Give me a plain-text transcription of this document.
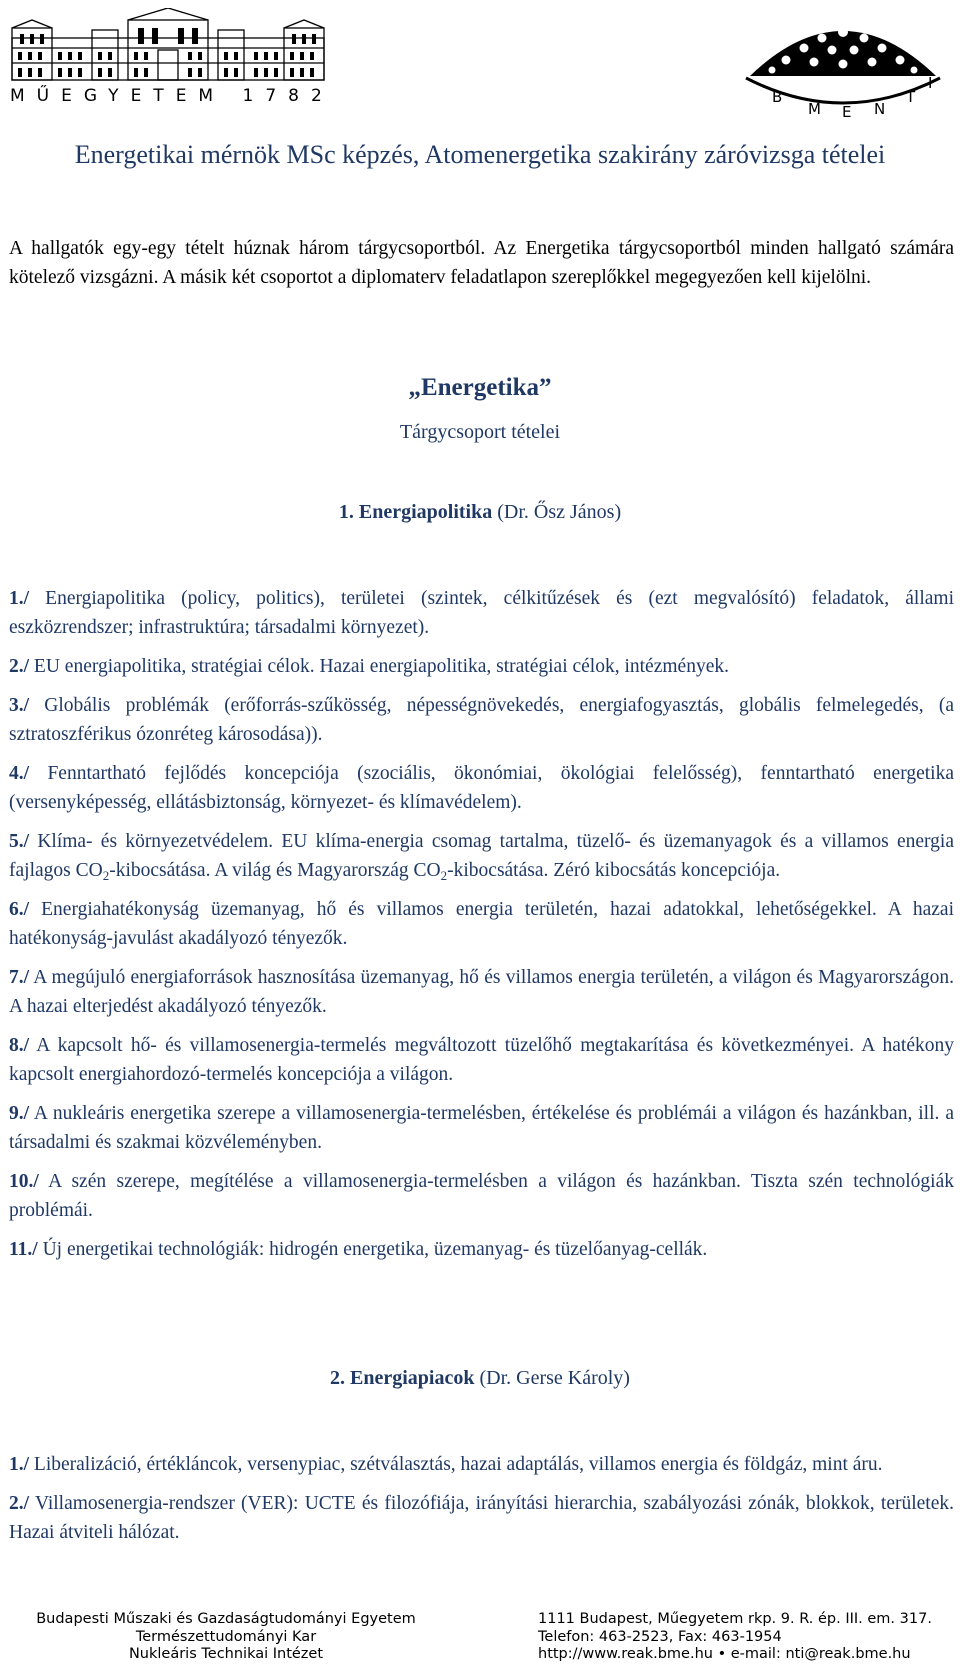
MŰEGYETEM 1782	B
M E N
T
I
Energetikai mérnök MSc képzés, Atomenergetika szakirány záróvizsga tételei

A hallgatók egy-egy tételt húznak három tárgycsoportból. Az Energetika tárgycsoportból minden hallgató számára kötelező vizsgázni. A másik két csoportot a diplomaterv feladatlapon szereplőkkel megegyezően kell kijelölni.

„Energetika”
Tárgycsoport tételei
1. Energiapolitika (Dr. Ősz János)

1./ Energiapolitika (policy, politics), területei (szintek, célkitűzések és (ezt megvalósító) feladatok, állami eszközrendszer; infrastruktúra; társadalmi környezet).

2./ EU energiapolitika, stratégiai célok. Hazai energiapolitika, stratégiai célok, intézmények.

3./ Globális problémák (erőforrás-szűkösség, népességnövekedés, energiafogyasztás, globális felmelegedés, (a sztratoszférikus ózonréteg károsodása)).

4./ Fenntartható fejlődés koncepciója (szociális, ökonómiai, ökológiai felelősség), fenntartható energetika (versenyképesség, ellátásbiztonság, környezet- és klímavédelem).

5./ Klíma- és környezetvédelem. EU klíma-energia csomag tartalma, tüzelő- és üzemanyagok és a villamos energia fajlagos $CO_2$-kibocsátása. A világ és Magyarország $CO_2$-kibocsátása. Zéró kibocsátás koncepciója.

6./ Energiahatékonyság üzemanyag, hő és villamos energia területén, hazai adatokkal, lehetőségekkel. A hazai hatékonyság-javulást akadályozó tényezők.

7./ A megújuló energiaforrások hasznosítása üzemanyag, hő és villamos energia területén, a világon és Magyarországon. A hazai elterjedést akadályozó tényezők.

8./ A kapcsolt hő- és villamosenergia-termelés megváltozott tüzelőhő megtakarítása és következményei. A hatékony kapcsolt energiahordozó-termelés koncepciója a világon.

9./ A nukleáris energetika szerepe a villamosenergia-termelésben, értékelése és problémái a világon és hazánkban, ill. a társadalmi és szakmai közvéleményben.

10./ A szén szerepe, megítélése a villamosenergia-termelésben a világon és hazánkban. Tiszta szén technológiák problémái.

11./ Új energetikai technológiák: hidrogén energetika, üzemanyag- és tüzelőanyag-cellák.

2. Energiapiacok (Dr. Gerse Károly)

1./ Liberalizáció, értékláncok, versenypiac, szétválasztás, hazai adaptálás, villamos energia és földgáz, mint áru.

2./ Villamosenergia-rendszer (VER): UCTE és filozófiája, irányítási hierarchia, szabályozási zónák, blokkok, területek. Hazai átviteli hálózat.

Budapesti Műszaki és Gazdaságtudományi Egyetem
Természettudományi Kar
Nukleáris Technikai Intézet
1111 Budapest, Műegyetem rkp. 9. R. ép. III. em. 317.
Telefon: 463-2523, Fax: 463-1954
http://www.reak.bme.hu • e-mail: nti@reak.bme.hu
